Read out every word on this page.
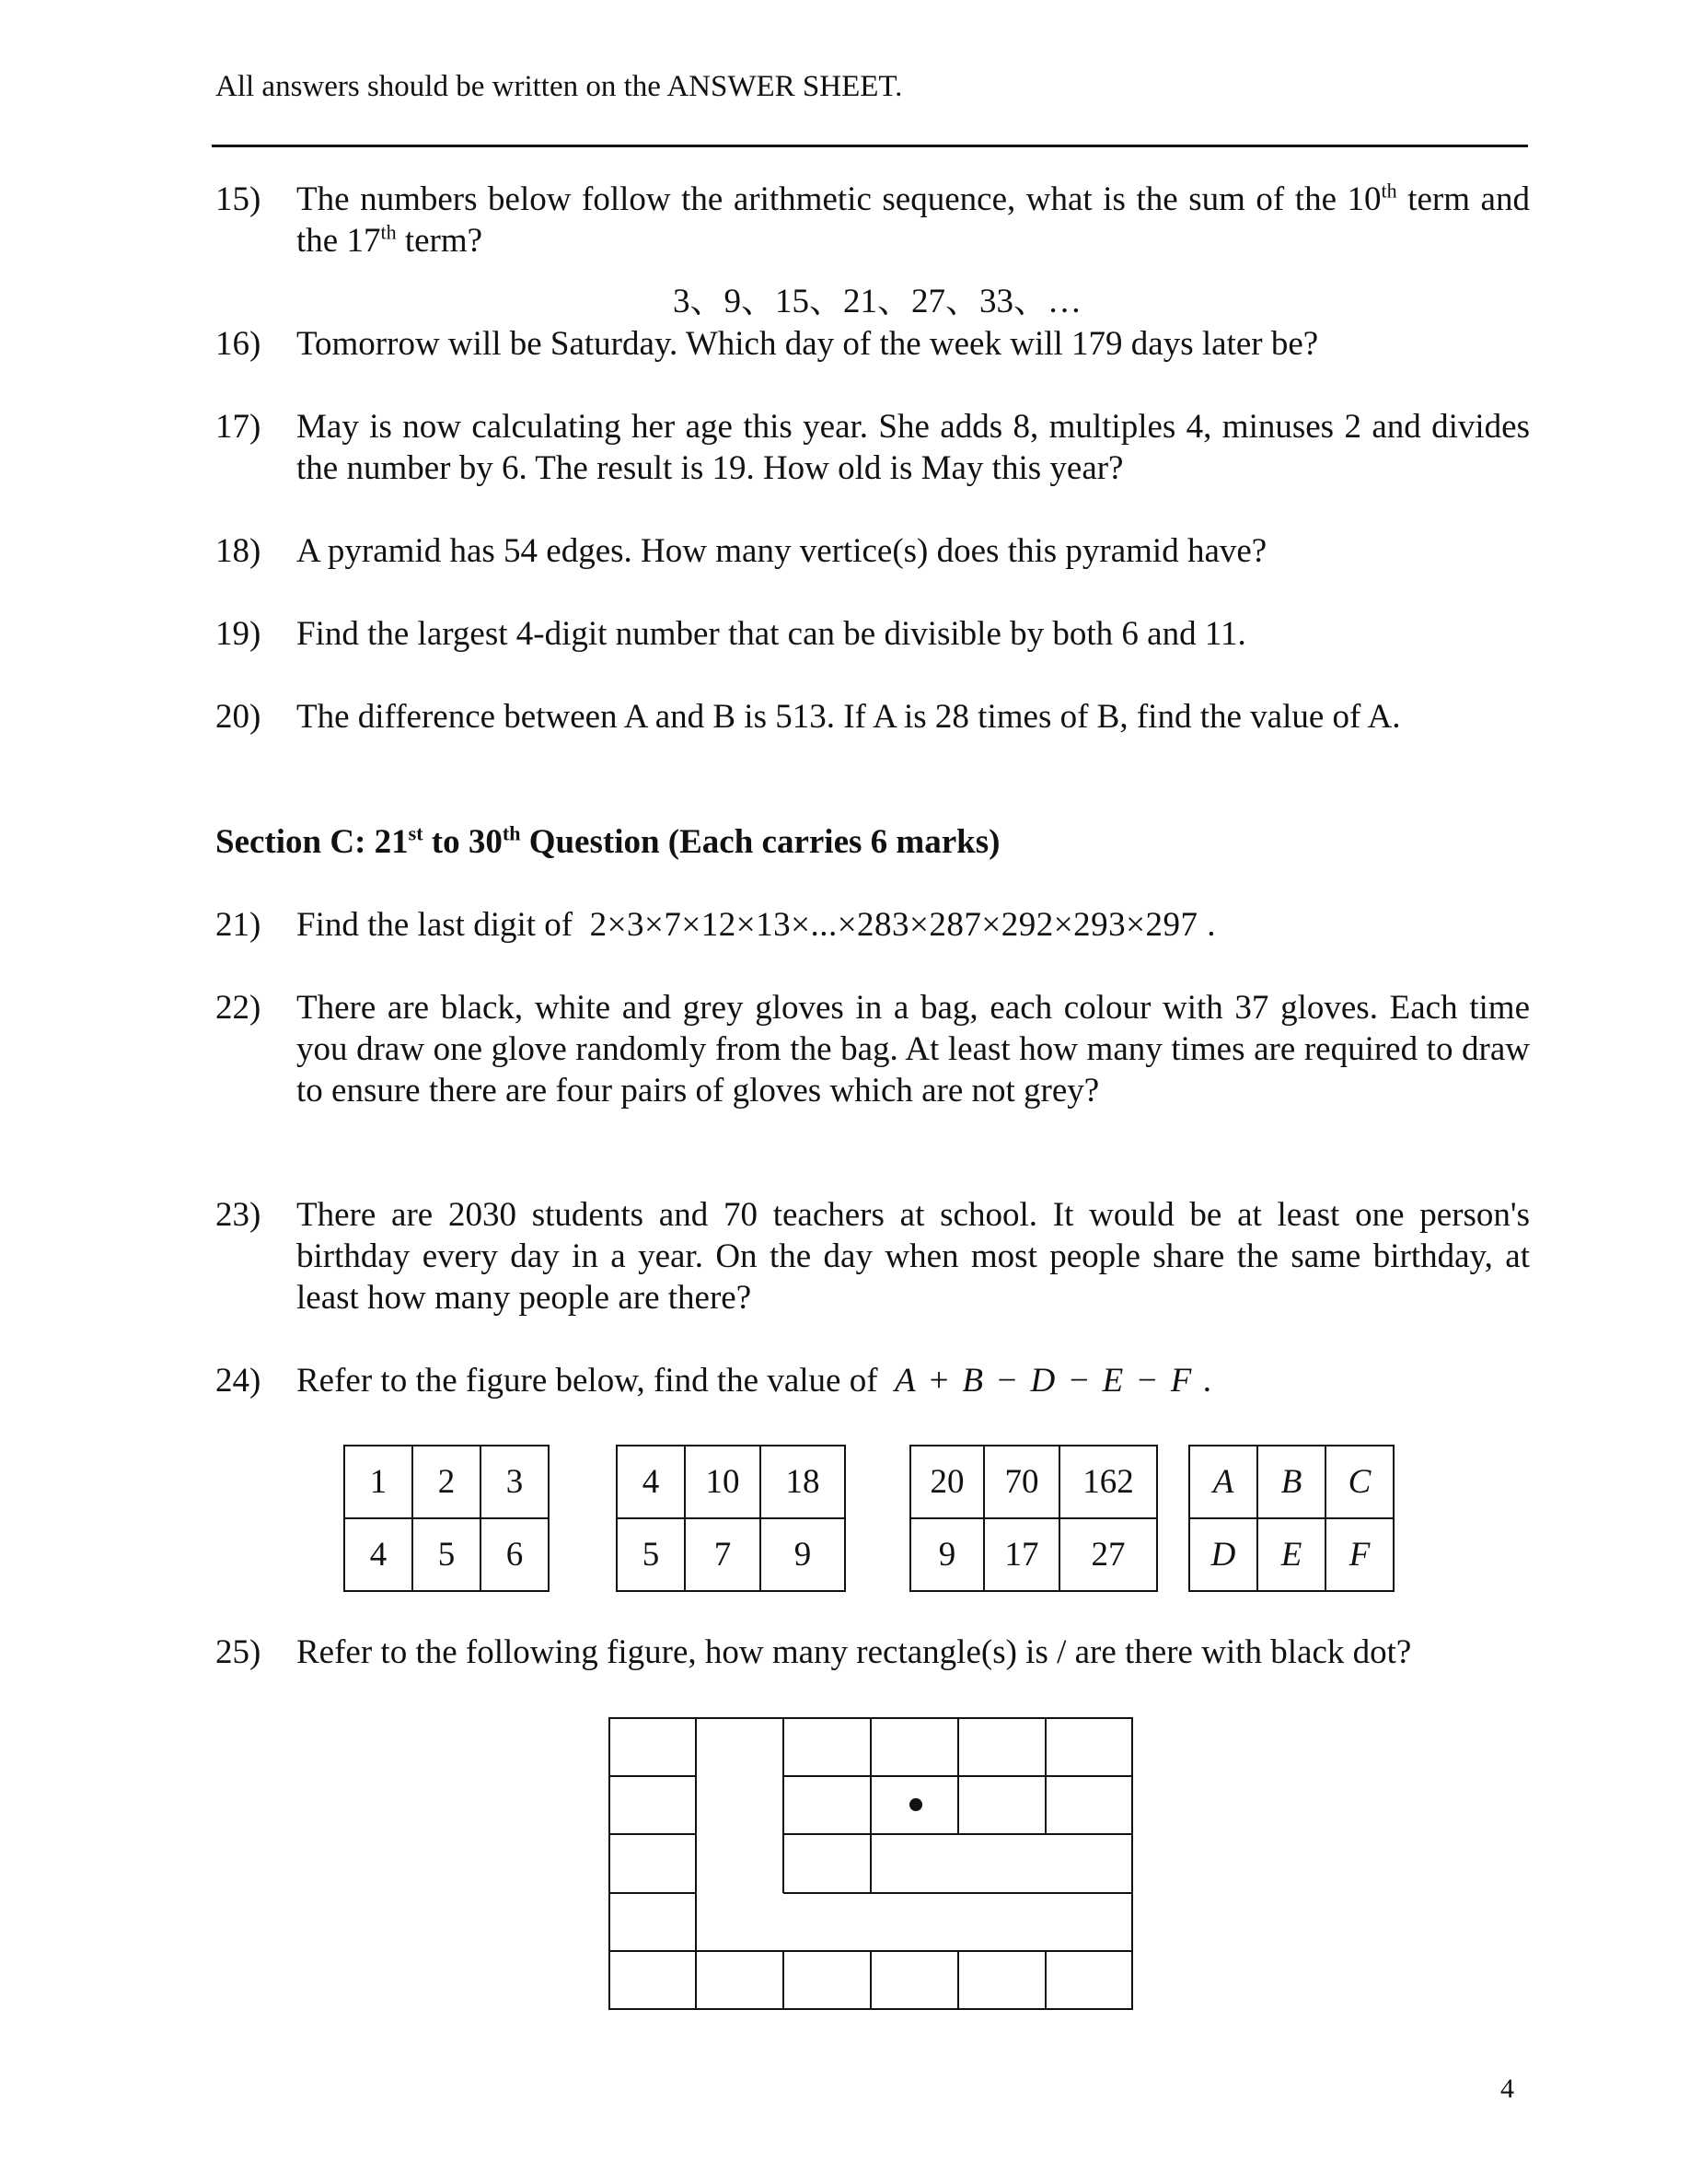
All answers should be written on the ANSWER SHEET.
15)	The numbers below follow the arithmetic sequence, what is the sum of the 10th term and the 17th term?
3、9、15、21、27、33、…
16)	Tomorrow will be Saturday. Which day of the week will 179 days later be?
17)	May is now calculating her age this year. She adds 8, multiples 4, minuses 2 and divides the number by 6. The result is 19. How old is May this year?
18)	A pyramid has 54 edges. How many vertice(s) does this pyramid have?
19)	Find the largest 4-digit number that can be divisible by both 6 and 11.
20)	The difference between A and B is 513. If A is 28 times of B, find the value of A.
Section C: 21st to 30th Question (Each carries 6 marks)
21)	Find the last digit of 2×3×7×12×13×...×283×287×292×293×297 .
22)	There are black, white and grey gloves in a bag, each colour with 37 gloves. Each time you draw one glove randomly from the bag. At least how many times are required to draw to ensure there are four pairs of gloves which are not grey?
23)	There are 2030 students and 70 teachers at school. It would be at least one person's birthday every day in a year. On the day when most people share the same birthday, at least how many people are there?
24)	Refer to the figure below, find the value of A + B − D − E − F .
1	2	3
4	5	6
4	10	18
5	7	9
20	70	162
9	17	27
A	B	C
D	E	F
25)	Refer to the following figure, how many rectangle(s) is / are there with black dot?
4
